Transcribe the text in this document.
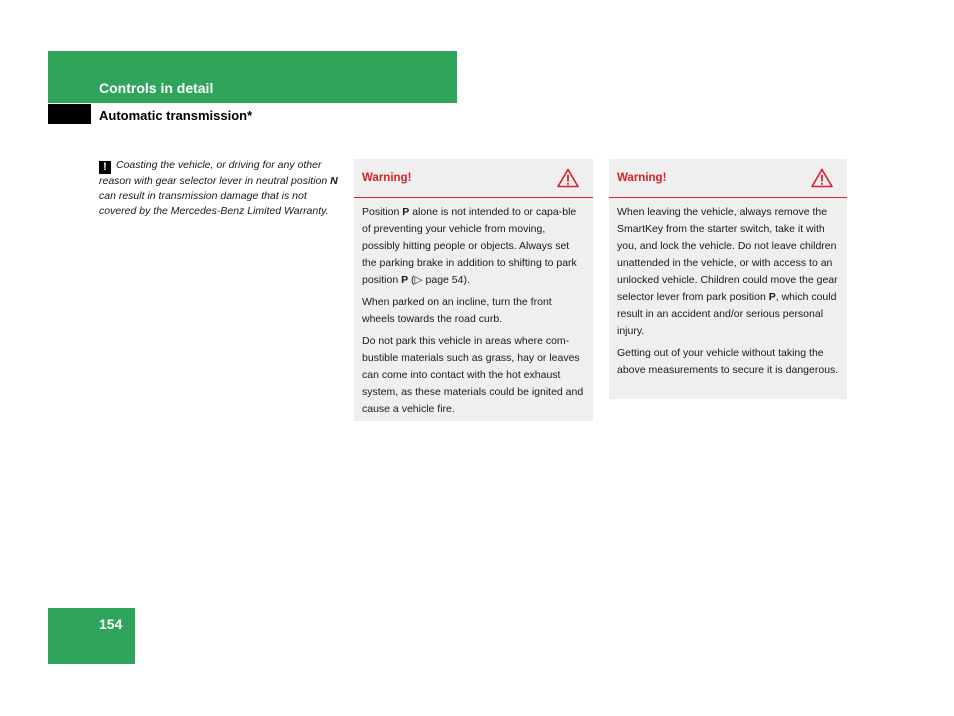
Controls in detail
Automatic transmission*
! Coasting the vehicle, or driving for any other reason with gear selector lever in neutral position N can result in transmission damage that is not covered by the Mercedes-Benz Limited Warranty.
Warning!

Position P alone is not intended to or capa-ble of preventing your vehicle from moving, possibly hitting people or objects. Always set the parking brake in addition to shifting to park position P (▷ page 54).

When parked on an incline, turn the front wheels towards the road curb.

Do not park this vehicle in areas where com-bustible materials such as grass, hay or leaves can come into contact with the hot exhaust system, as these materials could be ignited and cause a vehicle fire.

Warning!

When leaving the vehicle, always remove the SmartKey from the starter switch, take it with you, and lock the vehicle. Do not leave children unattended in the vehicle, or with access to an unlocked vehicle. Children could move the gear selector lever from park position P, which could result in an accident and/or serious personal injury.

Getting out of your vehicle without taking the above measurements to secure it is dangerous.

154
